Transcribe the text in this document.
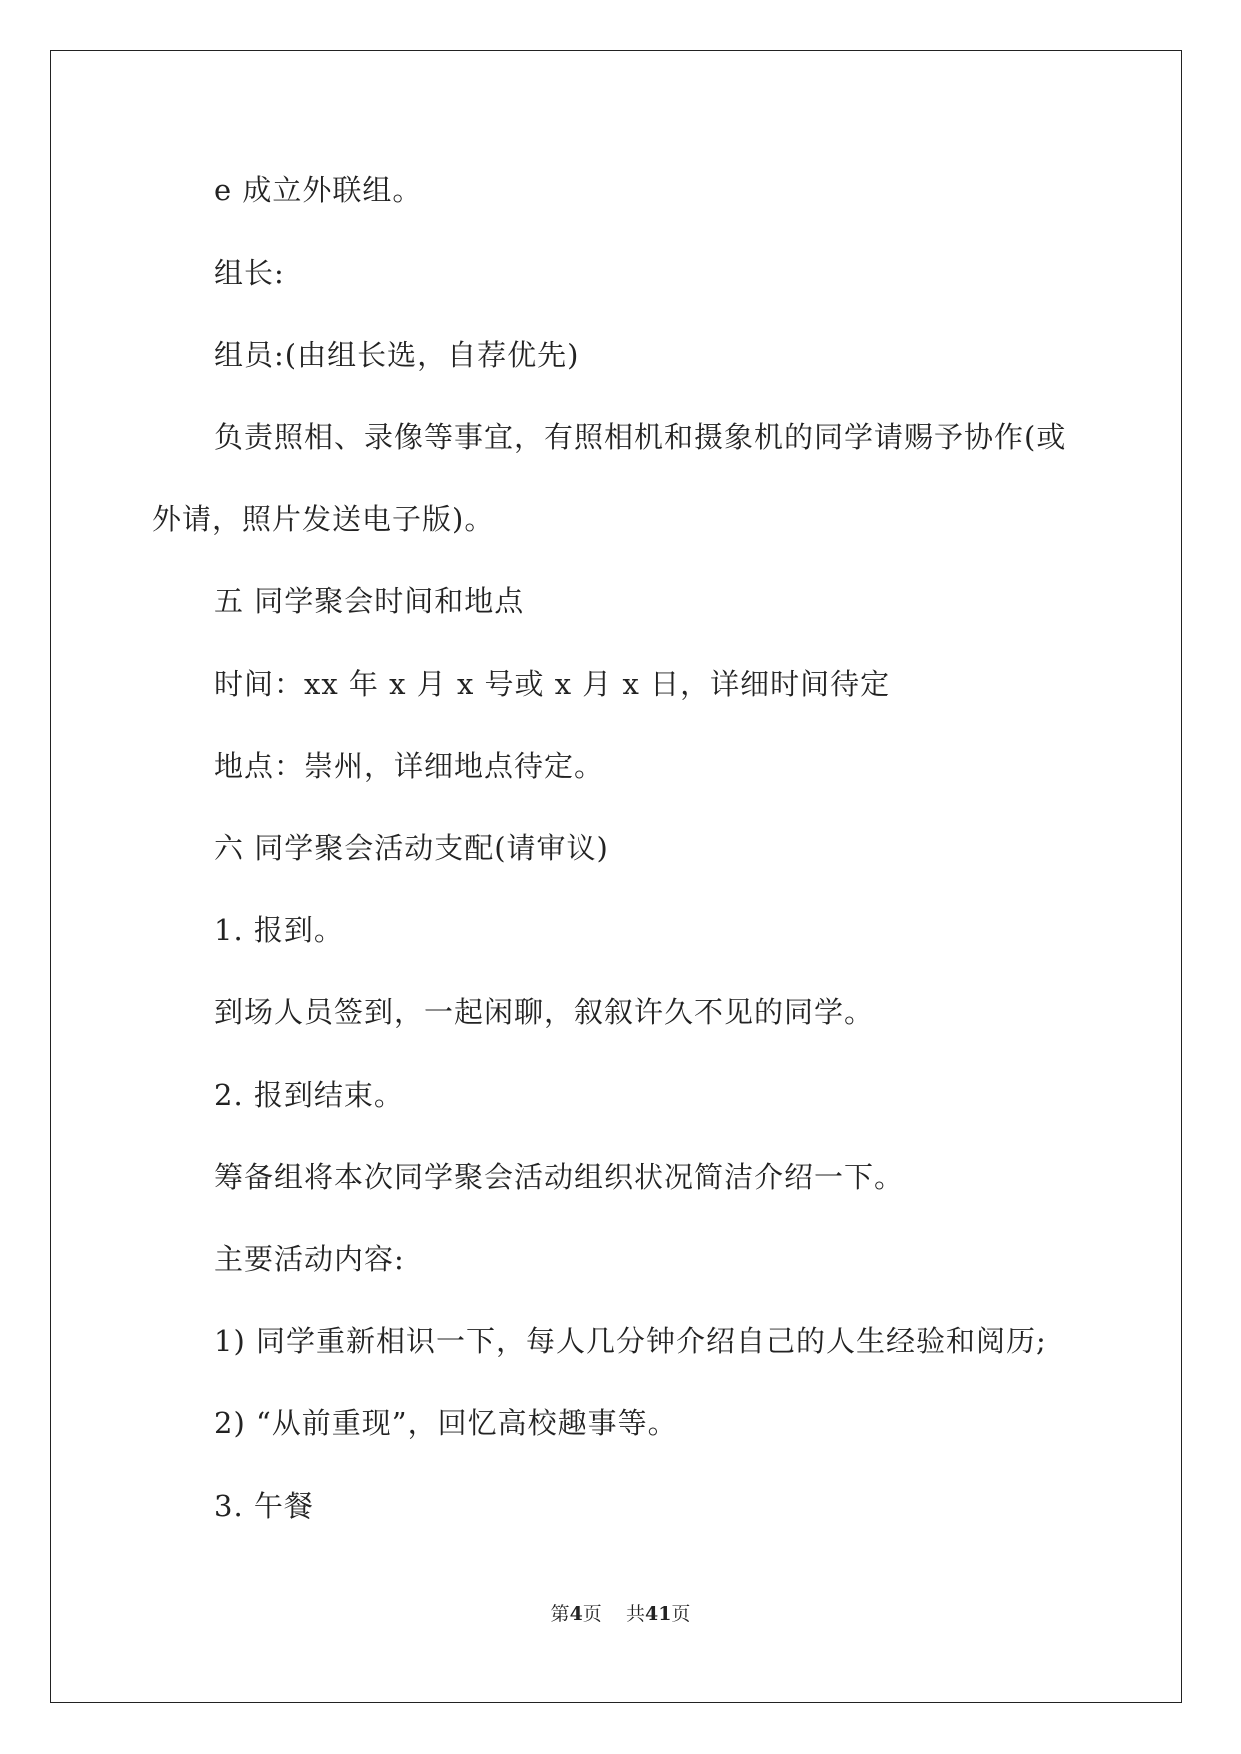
e 成立外联组。
组长:
组员:(由组长选，自荐优先)
负责照相、录像等事宜，有照相机和摄象机的同学请赐予协作(或
外请，照片发送电子版)。
五 同学聚会时间和地点
时间：xx 年 x 月 x 号或 x 月 x 日，详细时间待定
地点：崇州，详细地点待定。
六 同学聚会活动支配(请审议)
1. 报到。
到场人员签到，一起闲聊，叙叙许久不见的同学。
2. 报到结束。
筹备组将本次同学聚会活动组织状况简洁介绍一下。
主要活动内容:
1) 同学重新相识一下，每人几分钟介绍自己的人生经验和阅历;
2) “从前重现”，回忆高校趣事等。
3. 午餐
第4页    共41页
